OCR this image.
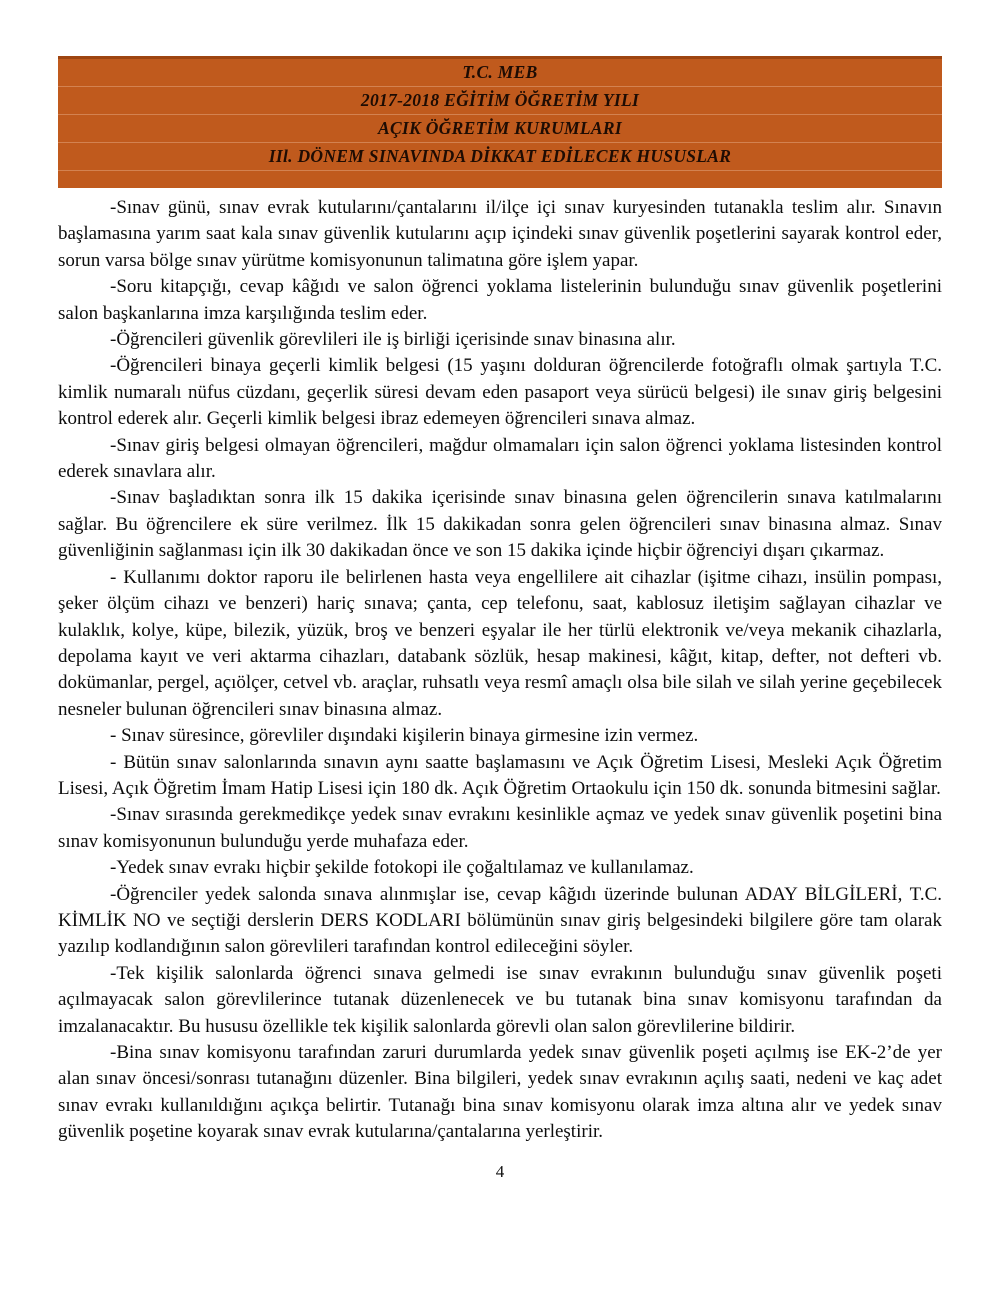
T.C. MEB
2017-2018 EĞİTİM ÖĞRETİM YILI
AÇIK ÖĞRETİM KURUMLARI
IIl. DÖNEM SINAVINDA DİKKAT EDİLECEK HUSUSLAR

-Sınav günü, sınav evrak kutularını/çantalarını il/ilçe içi sınav kuryesinden tutanakla teslim alır. Sınavın başlamasına yarım saat kala sınav güvenlik kutularını açıp içindeki sınav güvenlik poşetlerini sayarak kontrol eder, sorun varsa bölge sınav yürütme komisyonunun talimatına göre işlem yapar.

-Soru kitapçığı, cevap kâğıdı ve salon öğrenci yoklama listelerinin bulunduğu sınav güvenlik poşetlerini salon başkanlarına imza karşılığında teslim eder.

-Öğrencileri güvenlik görevlileri ile iş birliği içerisinde sınav binasına alır.

-Öğrencileri binaya geçerli kimlik belgesi (15 yaşını dolduran öğrencilerde fotoğraflı olmak şartıyla T.C. kimlik numaralı nüfus cüzdanı, geçerlik süresi devam eden pasaport veya sürücü belgesi) ile sınav giriş belgesini kontrol ederek alır. Geçerli kimlik belgesi ibraz edemeyen öğrencileri sınava almaz.

-Sınav giriş belgesi olmayan öğrencileri, mağdur olmamaları için salon öğrenci yoklama listesinden kontrol ederek sınavlara alır.

-Sınav başladıktan sonra ilk 15 dakika içerisinde sınav binasına gelen öğrencilerin sınava katılmalarını sağlar. Bu öğrencilere ek süre verilmez. İlk 15 dakikadan sonra gelen öğrencileri sınav binasına almaz. Sınav güvenliğinin sağlanması için ilk 30 dakikadan önce ve son 15 dakika içinde hiçbir öğrenciyi dışarı çıkarmaz.

- Kullanımı doktor raporu ile belirlenen hasta veya engellilere ait cihazlar (işitme cihazı, insülin pompası, şeker ölçüm cihazı ve benzeri) hariç sınava; çanta, cep telefonu, saat, kablosuz iletişim sağlayan cihazlar ve kulaklık, kolye, küpe, bilezik, yüzük, broş ve benzeri eşyalar ile her türlü elektronik ve/veya mekanik cihazlarla, depolama kayıt ve veri aktarma cihazları, databank sözlük, hesap makinesi, kâğıt, kitap, defter, not defteri vb. dokümanlar, pergel, açıölçer, cetvel vb. araçlar, ruhsatlı veya resmî amaçlı olsa bile silah ve silah yerine geçebilecek nesneler bulunan öğrencileri sınav binasına almaz.

- Sınav süresince, görevliler dışındaki kişilerin binaya girmesine izin vermez.

- Bütün sınav salonlarında sınavın aynı saatte başlamasını ve Açık Öğretim Lisesi, Mesleki Açık Öğretim Lisesi, Açık Öğretim İmam Hatip Lisesi için 180 dk. Açık Öğretim Ortaokulu için 150 dk. sonunda bitmesini sağlar.

-Sınav sırasında gerekmedikçe yedek sınav evrakını kesinlikle açmaz ve yedek sınav güvenlik poşetini bina sınav komisyonunun bulunduğu yerde muhafaza eder.

-Yedek sınav evrakı hiçbir şekilde fotokopi ile çoğaltılamaz ve kullanılamaz.

-Öğrenciler yedek salonda sınava alınmışlar ise, cevap kâğıdı üzerinde bulunan ADAY BİLGİLERİ, T.C. KİMLİK NO ve seçtiği derslerin DERS KODLARI bölümünün sınav giriş belgesindeki bilgilere göre tam olarak yazılıp kodlandığının salon görevlileri tarafından kontrol edileceğini söyler.

-Tek kişilik salonlarda öğrenci sınava gelmedi ise sınav evrakının bulunduğu sınav güvenlik poşeti açılmayacak salon görevlilerince tutanak düzenlenecek ve bu tutanak bina sınav komisyonu tarafından da imzalanacaktır. Bu hususu özellikle tek kişilik salonlarda görevli olan salon görevlilerine bildirir.

-Bina sınav komisyonu tarafından zaruri durumlarda yedek sınav güvenlik poşeti açılmış ise EK-2’de yer alan sınav öncesi/sonrası tutanağını düzenler. Bina bilgileri, yedek sınav evrakının açılış saati, nedeni ve kaç adet sınav evrakı kullanıldığını açıkça belirtir. Tutanağı bina sınav komisyonu olarak imza altına alır ve yedek sınav güvenlik poşetine koyarak sınav evrak kutularına/çantalarına yerleştirir.

4
